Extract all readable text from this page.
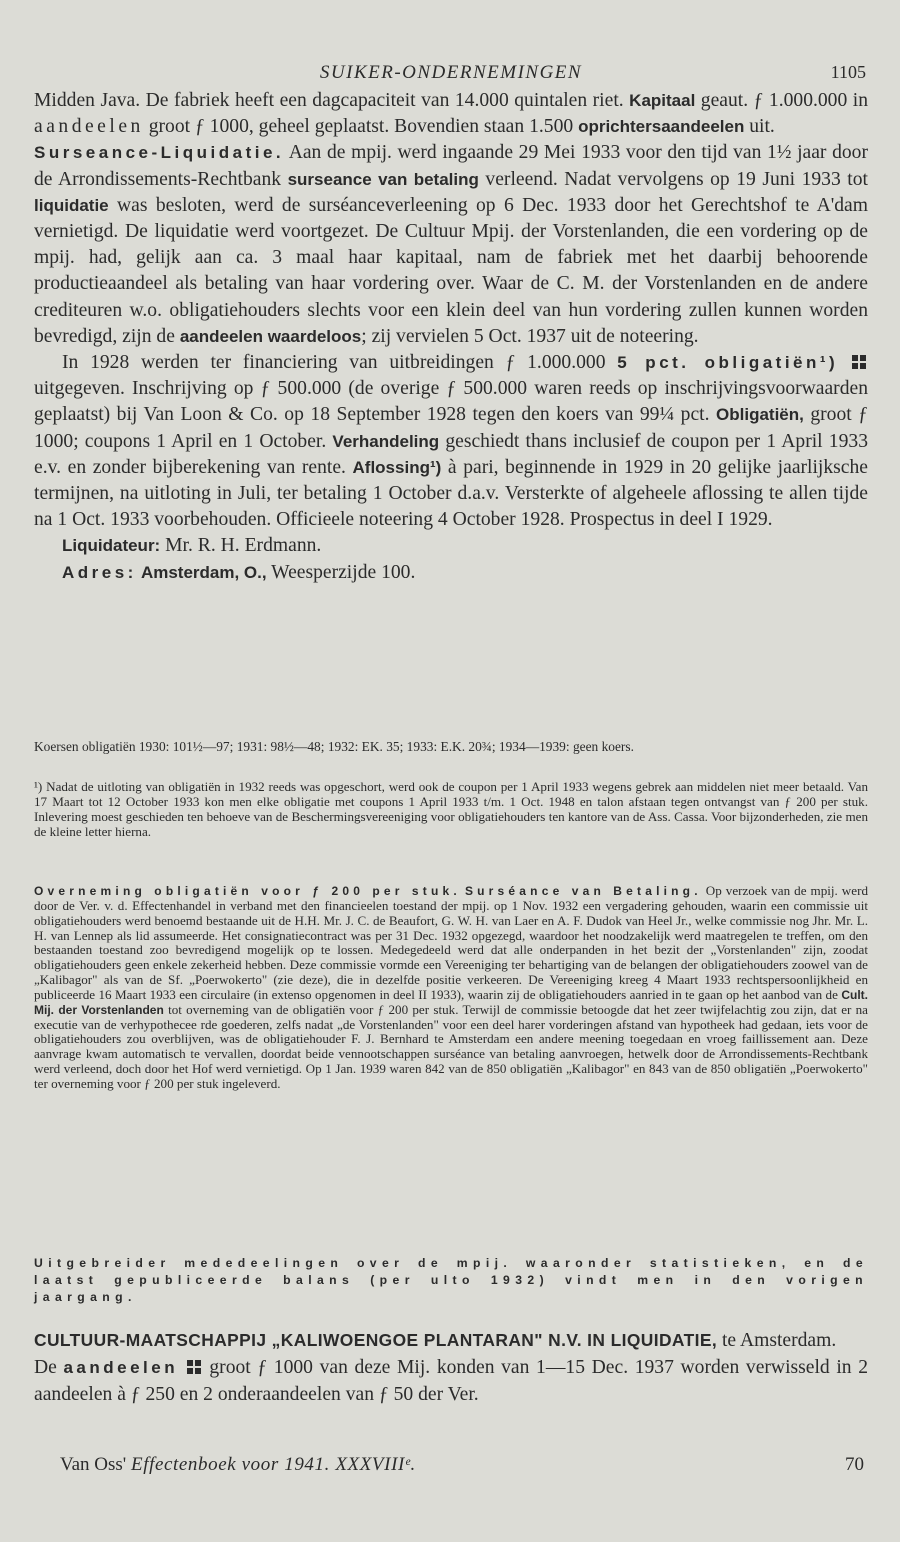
SUIKER-ONDERNEMINGEN	1105

Midden Java. De fabriek heeft een dagcapaciteit van 14.000 quintalen riet. Kapitaal geaut. ƒ 1.000.000 in aandeelen groot ƒ 1000, geheel geplaatst. Bovendien staan 1.500 oprichtersaandeelen uit.

Surseance-Liquidatie. Aan de mpij. werd ingaande 29 Mei 1933 voor den tijd van 1½ jaar door de Arrondissements-Rechtbank surseance van betaling verleend. Nadat vervolgens op 19 Juni 1933 tot liquidatie was besloten, werd de surséanceverleening op 6 Dec. 1933 door het Gerechtshof te A'dam vernietigd. De liquidatie werd voortgezet. De Cultuur Mpij. der Vorstenlanden, die een vordering op de mpij. had, gelijk aan ca. 3 maal haar kapitaal, nam de fabriek met het daarbij behoorende productieaandeel als betaling van haar vordering over. Waar de C. M. der Vorstenlanden en de andere crediteuren w.o. obligatiehouders slechts voor een klein deel van hun vordering zullen kunnen worden bevredigd, zijn de aandeelen waardeloos; zij vervielen 5 Oct. 1937 uit de noteering.

In 1928 werden ter financiering van uitbreidingen ƒ 1.000.000 5 pct. obligatiën¹)  uitgegeven. Inschrijving op ƒ 500.000 (de overige ƒ 500.000 waren reeds op inschrijvingsvoorwaarden geplaatst) bij Van Loon & Co. op 18 September 1928 tegen den koers van 99¼ pct. Obligatiën, groot ƒ 1000; coupons 1 April en 1 October. Verhandeling geschiedt thans inclusief de coupon per 1 April 1933 e.v. en zonder bijberekening van rente. Aflossing¹) à pari, beginnende in 1929 in 20 gelijke jaarlijksche termijnen, na uitloting in Juli, ter betaling 1 October d.a.v. Versterkte of algeheele aflossing te allen tijde na 1 Oct. 1933 voorbehouden. Officieele noteering 4 October 1928. Prospectus in deel I 1929.

Liquidateur: Mr. R. H. Erdmann.

Adres: Amsterdam, O., Weesperzijde 100.

Koersen obligatiën 1930: 101½—97; 1931: 98½—48; 1932: EK. 35; 1933: E.K. 20¾; 1934—1939: geen koers.

¹) Nadat de uitloting van obligatiën in 1932 reeds was opgeschort, werd ook de coupon per 1 April 1933 wegens gebrek aan middelen niet meer betaald. Van 17 Maart tot 12 October 1933 kon men elke obligatie met coupons 1 April 1933 t/m. 1 Oct. 1948 en talon afstaan tegen ontvangst van ƒ 200 per stuk. Inlevering moest geschieden ten behoeve van de Beschermingsvereeniging voor obligatiehouders ten kantore van de Ass. Cassa. Voor bijzonderheden, zie men de kleine letter hierna.

Overneming obligatiën voor ƒ 200 per stuk. Surséance van Betaling. Op verzoek van de mpij. werd door de Ver. v. d. Effectenhandel in verband met den financieelen toestand der mpij. op 1 Nov. 1932 een vergadering gehouden, waarin een commissie uit obligatiehouders werd benoemd bestaande uit de H.H. Mr. J. C. de Beaufort, G. W. H. van Laer en A. F. Dudok van Heel Jr., welke commissie nog Jhr. Mr. L. H. van Lennep als lid assumeerde. Het consignatiecontract was per 31 Dec. 1932 opgezegd, waardoor het noodzakelijk werd maatregelen te treffen, om den bestaanden toestand zoo bevredigend mogelijk op te lossen. Medegedeeld werd dat alle onderpanden in het bezit der „Vorstenlanden" zijn, zoodat obligatiehouders geen enkele zekerheid hebben. Deze commissie vormde een Vereeniging ter behartiging van de belangen der obligatiehouders zoowel van de „Kalibagor" als van de Sf. „Poerwokerto" (zie deze), die in dezelfde positie verkeeren. De Vereeniging kreeg 4 Maart 1933 rechtspersoonlijkheid en publiceerde 16 Maart 1933 een circulaire (in extenso opgenomen in deel II 1933), waarin zij de obligatiehouders aanried in te gaan op het aanbod van de Cult. Mij. der Vorstenlanden tot overneming van de obligatiën voor ƒ 200 per stuk. Terwijl de commissie betoogde dat het zeer twijfelachtig zou zijn, dat er na executie van de verhypothecee rde goederen, zelfs nadat „de Vorstenlanden" voor een deel harer vorderingen afstand van hypotheek had gedaan, iets voor de obligatiehouders zou overblijven, was de obligatiehouder F. J. Bernhard te Amsterdam een andere meening toegedaan en vroeg faillissement aan. Deze aanvrage kwam automatisch te vervallen, doordat beide vennootschappen surséance van betaling aanvroegen, hetwelk door de Arrondissements-Rechtbank werd verleend, doch door het Hof werd vernietigd. Op 1 Jan. 1939 waren 842 van de 850 obligatiën „Kalibagor" en 843 van de 850 obligatiën „Poerwokerto" ter overneming voor ƒ 200 per stuk ingeleverd.

Uitgebreider mededeelingen over de mpij. waaronder statistieken, en de laatst gepubliceerde balans (per ulto 1932) vindt men in den vorigen jaargang.

CULTUUR-MAATSCHAPPIJ „KALIWOENGOE PLANTARAN" N.V. IN LIQUIDATIE, te Amsterdam.

De aandeelen  groot ƒ 1000 van deze Mij. konden van 1—15 Dec. 1937 worden verwisseld in 2 aandeelen à ƒ 250 en 2 onderaandeelen van ƒ 50 der Ver.

Van Oss' Effectenboek voor 1941. XXXVIIIᵉ.	70
